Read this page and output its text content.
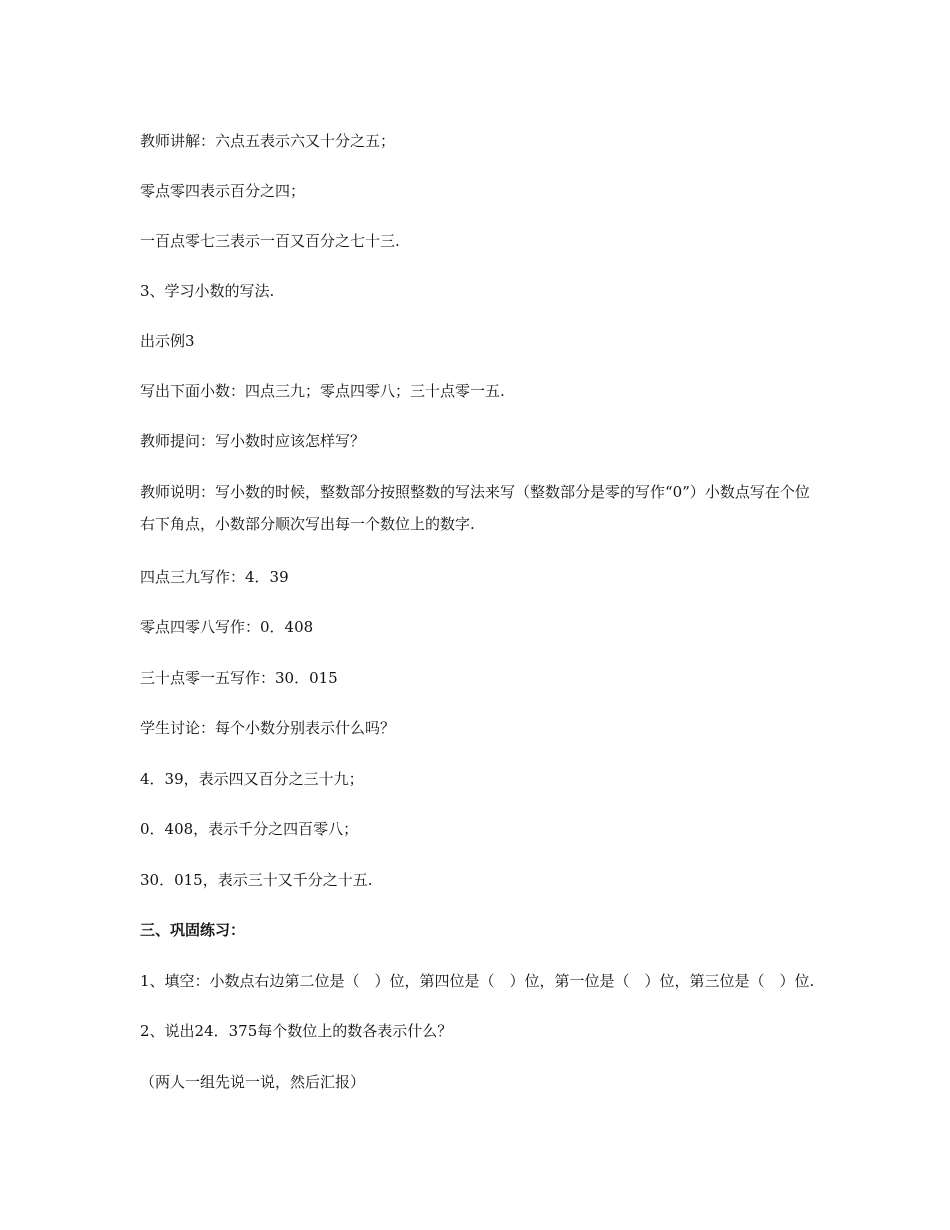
教师讲解：六点五表示六又十分之五；
零点零四表示百分之四；
一百点零七三表示一百又百分之七十三.
3、学习小数的写法.
出示例3
写出下面小数：四点三九；零点四零八；三十点零一五.
教师提问：写小数时应该怎样写？
教师说明：写小数的时候，整数部分按照整数的写法来写（整数部分是零的写作“0”）小数点写在个位右下角点，小数部分顺次写出每一个数位上的数字.
四点三九写作：4．39
零点四零八写作：0．408
三十点零一五写作：30．015
学生讨论：每个小数分别表示什么吗？
4．39，表示四又百分之三十九；
0．408，表示千分之四百零八；
30．015，表示三十又千分之十五.
三、巩固练习：
1、填空：小数点右边第二位是（　）位，第四位是（　）位，第一位是（　）位，第三位是（　）位.
2、说出24．375每个数位上的数各表示什么？
（两人一组先说一说，然后汇报）
